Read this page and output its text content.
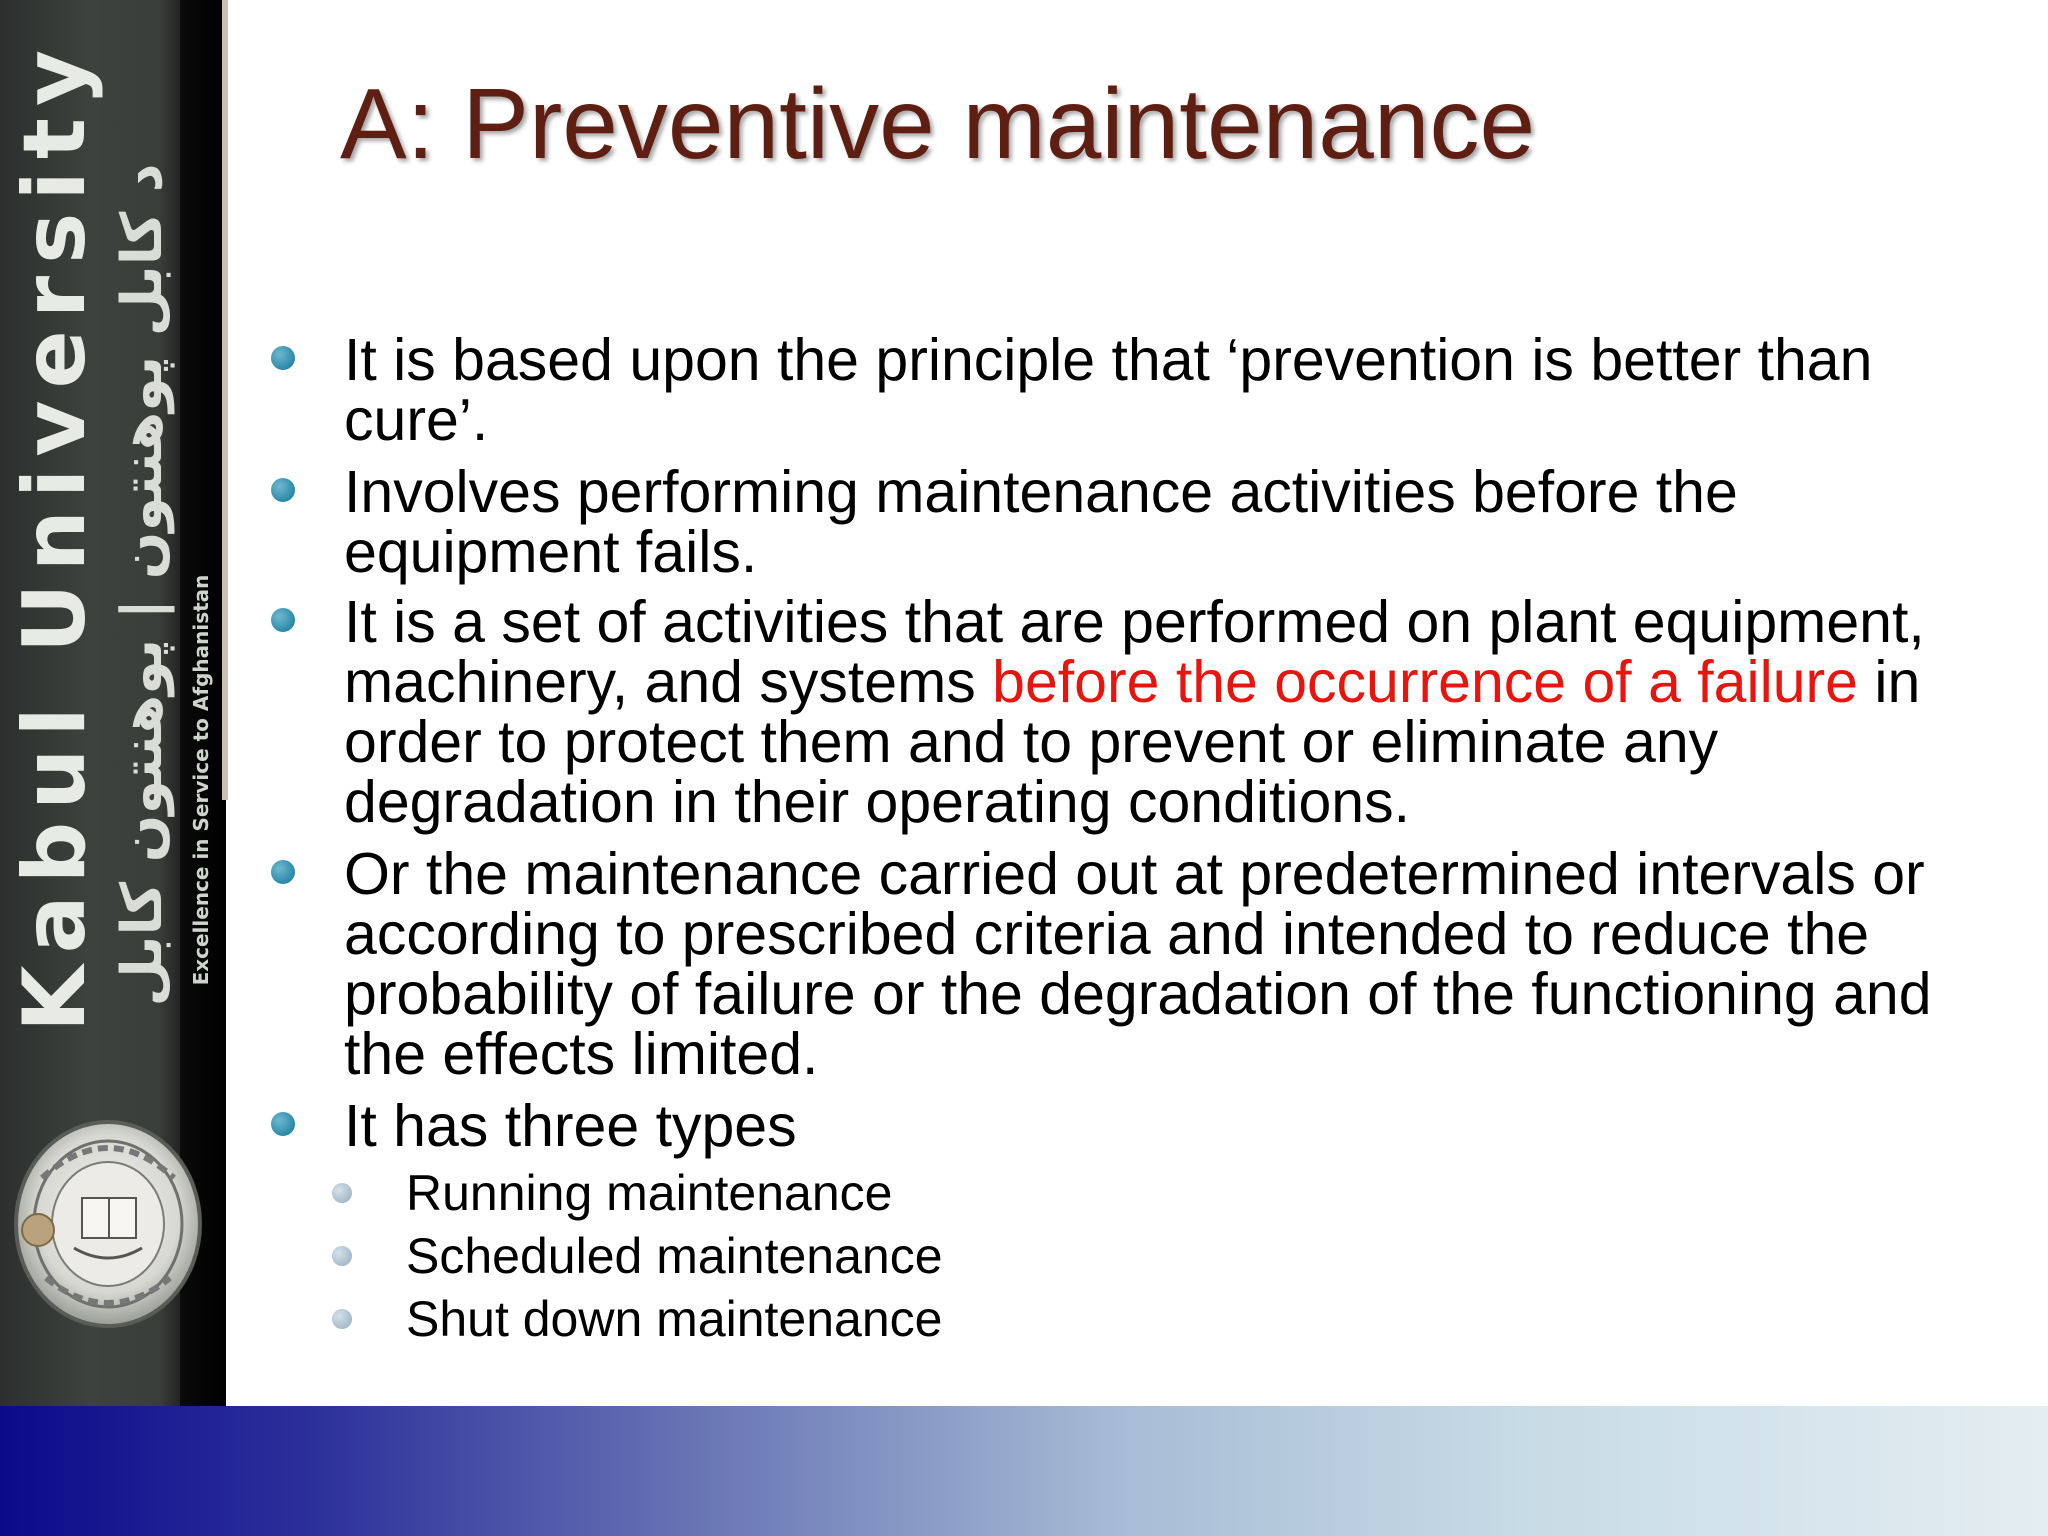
Kabul University د کابل پوهنتون | پوهنتون کابل Excellence in Service to Afghanistan
A: Preventive maintenance
It is based upon the principle that ‘prevention is better than cure’.
Involves performing maintenance activities before the equipment fails.
It is a set of activities that are performed on plant equipment, machinery, and systems before the occurrence of a failure in order to protect them and to prevent or eliminate any degradation in their operating conditions.
Or the maintenance carried out at predetermined intervals or according to prescribed criteria and intended to reduce the probability of failure or the degradation of the functioning and the effects limited.
It has three types
Running maintenance
Scheduled maintenance
Shut down maintenance
